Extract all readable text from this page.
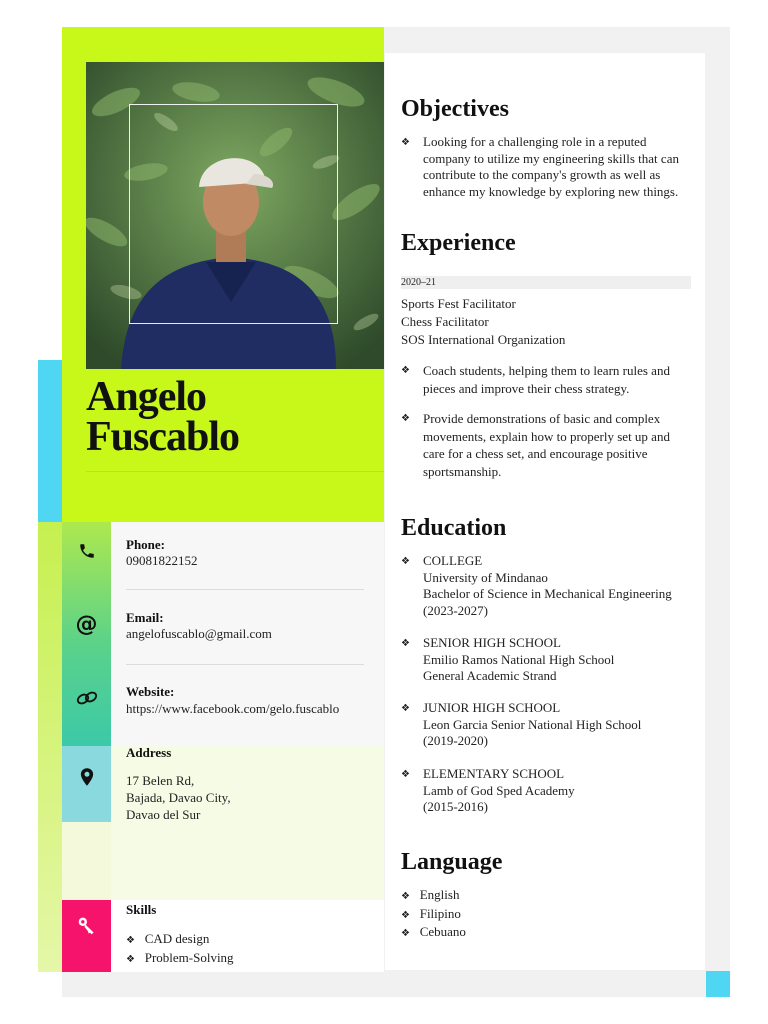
Angelo
Fuscablo
@
Phone:
09081822152
Email:
angelofuscablo@gmail.com
Website:
https://www.facebook.com/gelo.fuscablo
Address
17 Belen Rd,
Bajada, Davao City,
Davao del Sur
Skills
❖ CAD design
❖ Problem-Solving
Objectives
❖ Looking for a challenging role in a reputed company to utilize my engineering skills that can contribute to the company's growth as well as enhance my knowledge by exploring new things.
Experience
2020–21
Sports Fest Facilitator
Chess Facilitator
SOS International Organization
❖ Coach students, helping them to learn rules and pieces and improve their chess strategy.
❖ Provide demonstrations of basic and complex movements, explain how to properly set up and care for a chess set, and encourage positive sportsmanship.
Education
❖ COLLEGE
University of Mindanao
Bachelor of Science in Mechanical Engineering
(2023-2027)
❖ SENIOR HIGH SCHOOL
Emilio Ramos National High School
General Academic Strand
❖ JUNIOR HIGH SCHOOL
Leon Garcia Senior National High School
(2019-2020)
❖ ELEMENTARY SCHOOL
Lamb of God Sped Academy
(2015-2016)
Language
❖ English
❖ Filipino
❖ Cebuano
